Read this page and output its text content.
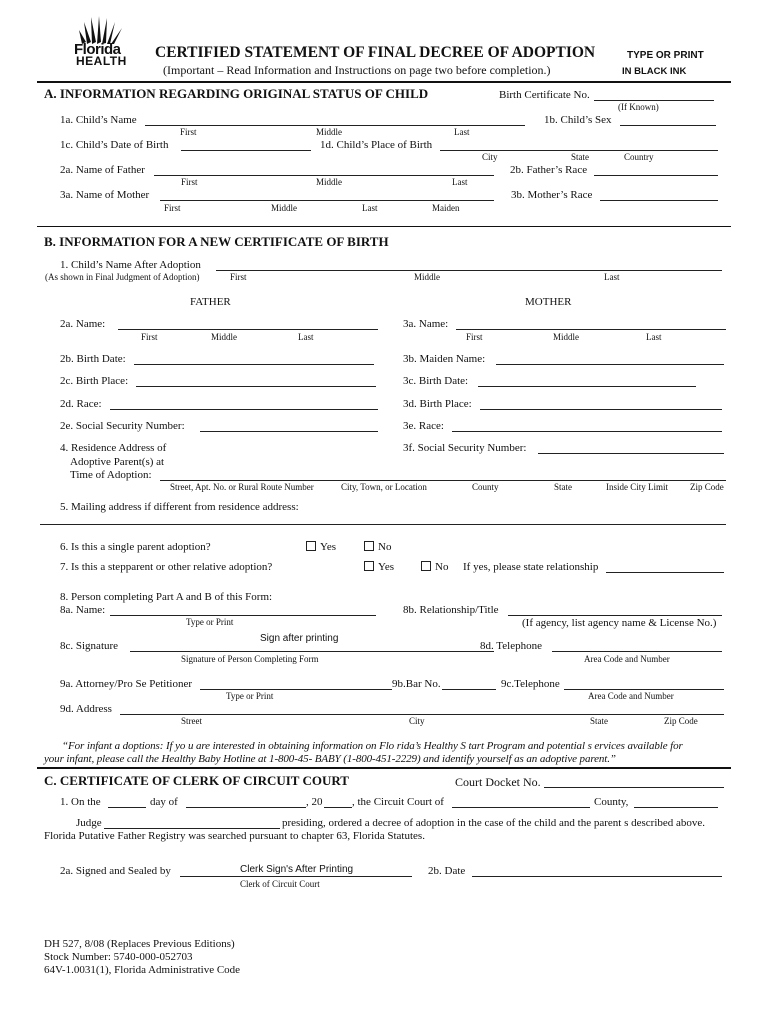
Florida
HEALTH CERTIFIED STATEMENT OF FINAL DECREE OF ADOPTION
(Important – Read Information and Instructions on page two before completion.)
TYPE OR PRINT
IN BLACK INK
A. INFORMATION REGARDING ORIGINAL STATUS OF CHILD	Birth Certificate No.
(If Known)
1a. Child’s Name	1b. Child’s Sex
First	Middle	Last
1c. Child’s Date of Birth	1d. Child’s Place of Birth
City	State	Country
2a. Name of Father	2b. Father’s Race
First	Middle	Last
3a. Name of Mother	3b. Mother’s Race
First	Middle	Last	Maiden
B. INFORMATION FOR A NEW CERTIFICATE OF BIRTH
1. Child’s Name After Adoption
(As shown in Final Judgment of Adoption)	First	Middle	Last
FATHER	MOTHER
2a. Name:
First	Middle	Last
3a. Name:
First	Middle	Last
2b. Birth Date:	3b. Maiden Name:
2c. Birth Place:	3c. Birth Date:
2d. Race:	3d. Birth Place:
2e. Social Security Number:	3e. Race:
4. Residence Address of
Adoptive Parent(s) at
Time of Adoption:
3f. Social Security Number:
Street, Apt. No. or Rural Route Number	City, Town, or Location	County	State	Inside City Limit Zip Code
5. Mailing address if different from residence address:
6. Is this a single parent adoption?	Yes	No
7. Is this a stepparent or other relative adoption?	Yes	No If yes, please state relationship
8. Person completing Part A and B of this Form:
8a. Name:
Type or Print
8b. Relationship/Title
(If agency, list agency name & License No.)
Sign after printing
8c. Signature
Signature of Person Completing Form
8d. Telephone
Area Code and Number
9a. Attorney/Pro Se Petitioner	9b.Bar No.	9c.Telephone
Type or Print	Area Code and Number
9d. Address
Street	City	State	Zip Code
“For infant a doptions: If yo u are interested in obtaining information on Flo rida’s Healthy S tart Program and potential s ervices available for
your infant, please call the Healthy Baby Hotline at 1-800-45- BABY (1-800-451-2229) and identify yourself as an adoptive parent.”
C. CERTIFICATE OF CLERK OF CIRCUIT COURT	Court Docket No.
1. On the	day of	, 20	, the Circuit Court of	County,
Judge	presiding, ordered a decree of adoption in the case of the child and the parent s described above.
Florida Putative Father Registry was searched pursuant to chapter 63, Florida Statutes.
Clerk Sign's After Printing
2a. Signed and Sealed by
Clerk of Circuit Court
2b. Date
DH 527, 8/08 (Replaces Previous Editions)
Stock Number: 5740-000-052703
64V-1.0031(1), Florida Administrative Code
